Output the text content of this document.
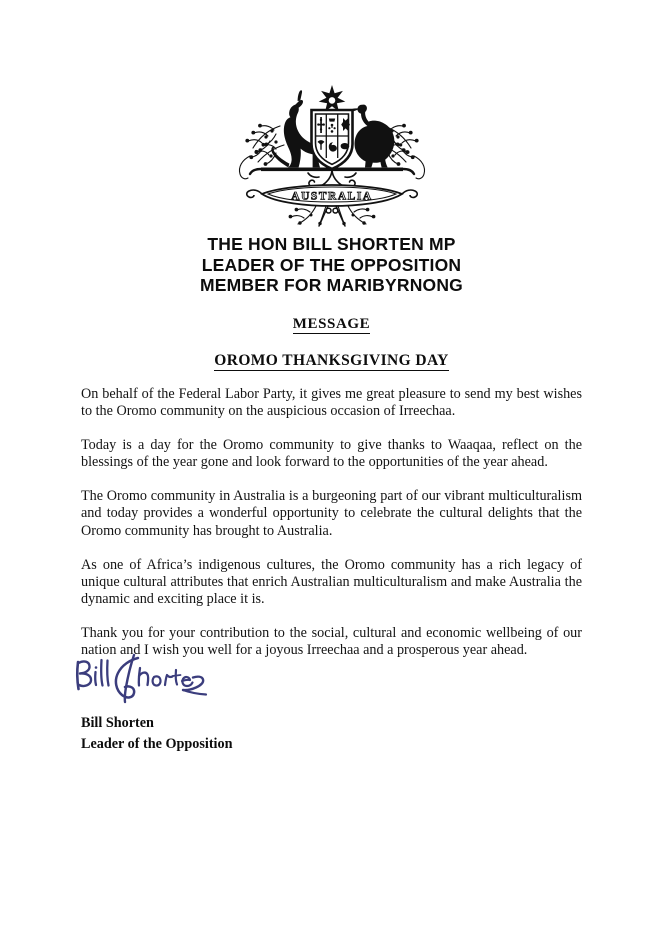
AUSTRALIA
THE HON BILL SHORTEN MP
LEADER OF THE OPPOSITION
MEMBER FOR MARIBYRNONG
MESSAGE
OROMO THANKSGIVING DAY

On behalf of the Federal Labor Party, it gives me great pleasure to send my best wishes to the Oromo community on the auspicious occasion of Irreechaa.

Today is a day for the Oromo community to give thanks to Waaqaa, reflect on the blessings of the year gone and look forward to the opportunities of the year ahead.

The Oromo community in Australia is a burgeoning part of our vibrant multiculturalism and today provides a wonderful opportunity to celebrate the cultural delights that the Oromo community has brought to Australia.

As one of Africa’s indigenous cultures, the Oromo community has a rich legacy of unique cultural attributes that enrich Australian multiculturalism and make Australia the dynamic and exciting place it is.

Thank you for your contribution to the social, cultural and economic wellbeing of our nation and I wish you well for a joyous Irreechaa and a prosperous year ahead.

Bill Shorten
Leader of the Opposition
